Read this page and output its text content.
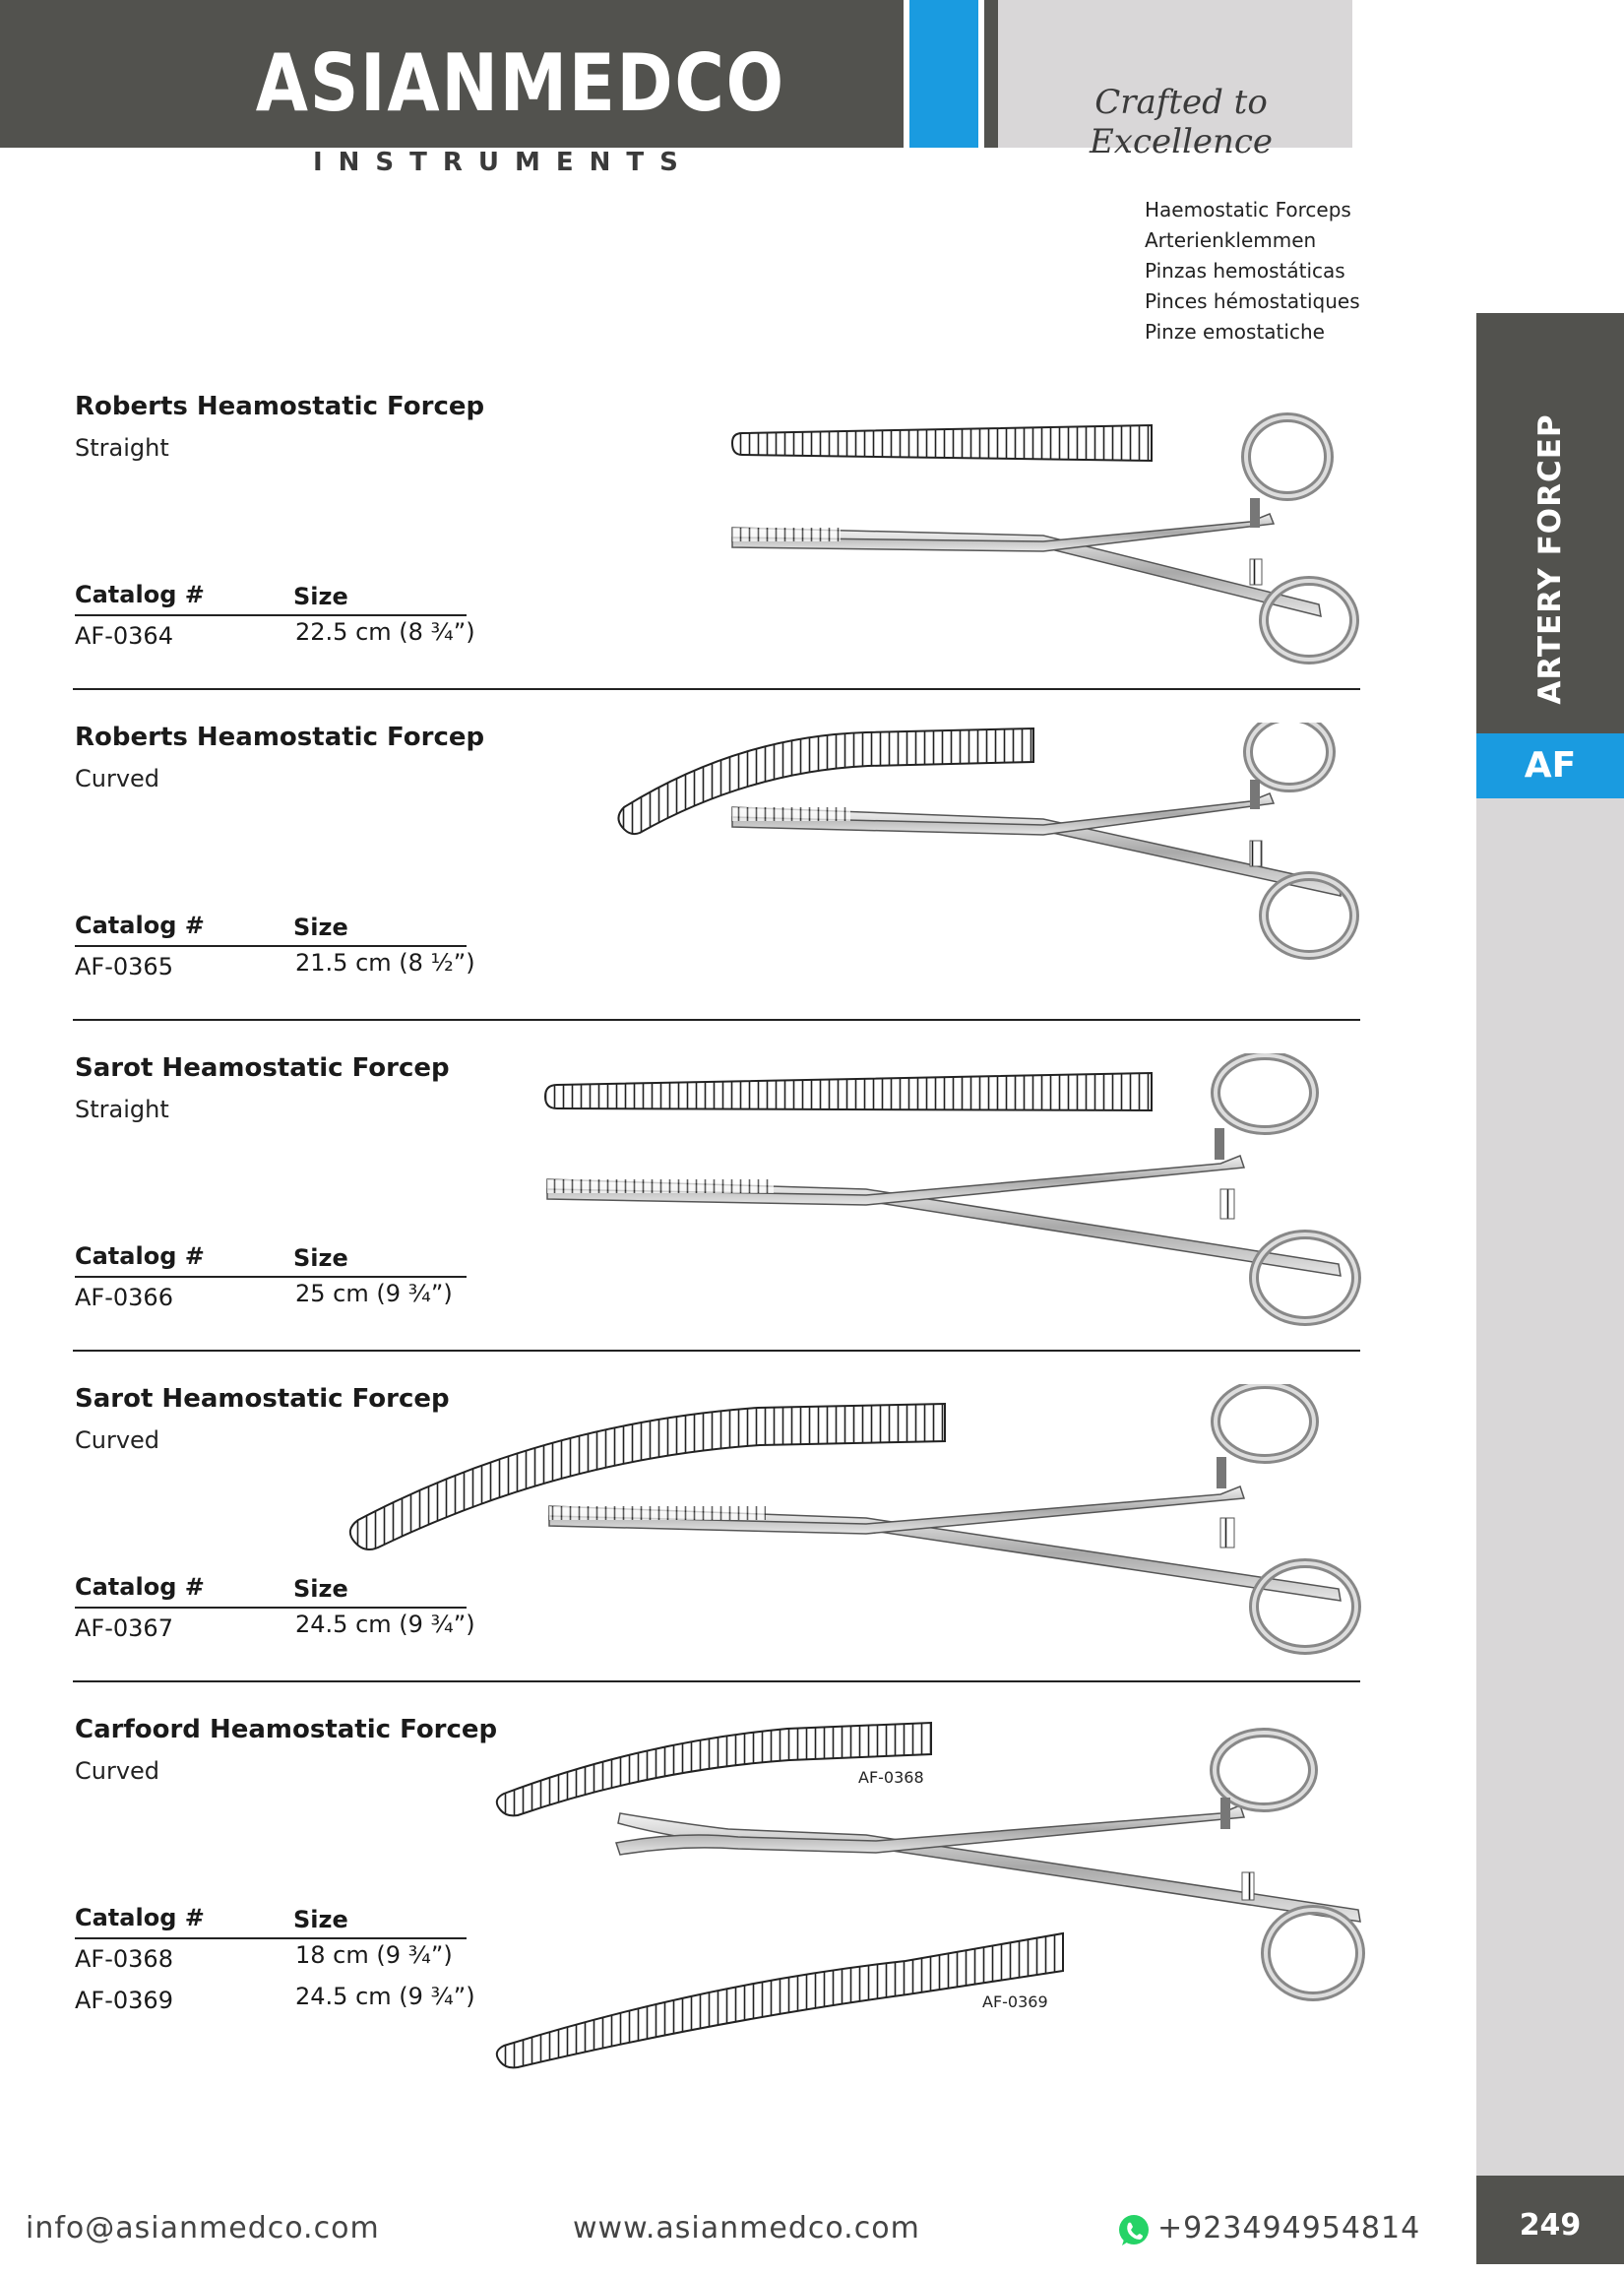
ASIANMEDCO	Crafted to Excellence
INSTRUMENTS
Haemostatic Forceps
Arterienklemmen
Pinzas hemostáticas
Pinces hémostatiques
Pinze emostatiche
ARTERY FORCEP
AF
249
Roberts Heamostatic Forcep
Straight
Catalog #	Size
AF-0364	22.5 cm (8 ¾”)
Roberts Heamostatic Forcep
Curved
Catalog #	Size
AF-0365	21.5 cm (8 ½”)
Sarot Heamostatic Forcep
Straight
Catalog #	Size
AF-0366	25 cm (9 ¾”)
Sarot Heamostatic Forcep
Curved
Catalog #	Size
AF-0367	24.5 cm (9 ¾”)
Carfoord Heamostatic Forcep
Curved
Catalog #	Size
AF-0368	18 cm (9 ¾”)
AF-0369	24.5 cm (9 ¾”)
AF-0368
AF-0369
info@asianmedco.com	www.asianmedco.com	+923494954814
